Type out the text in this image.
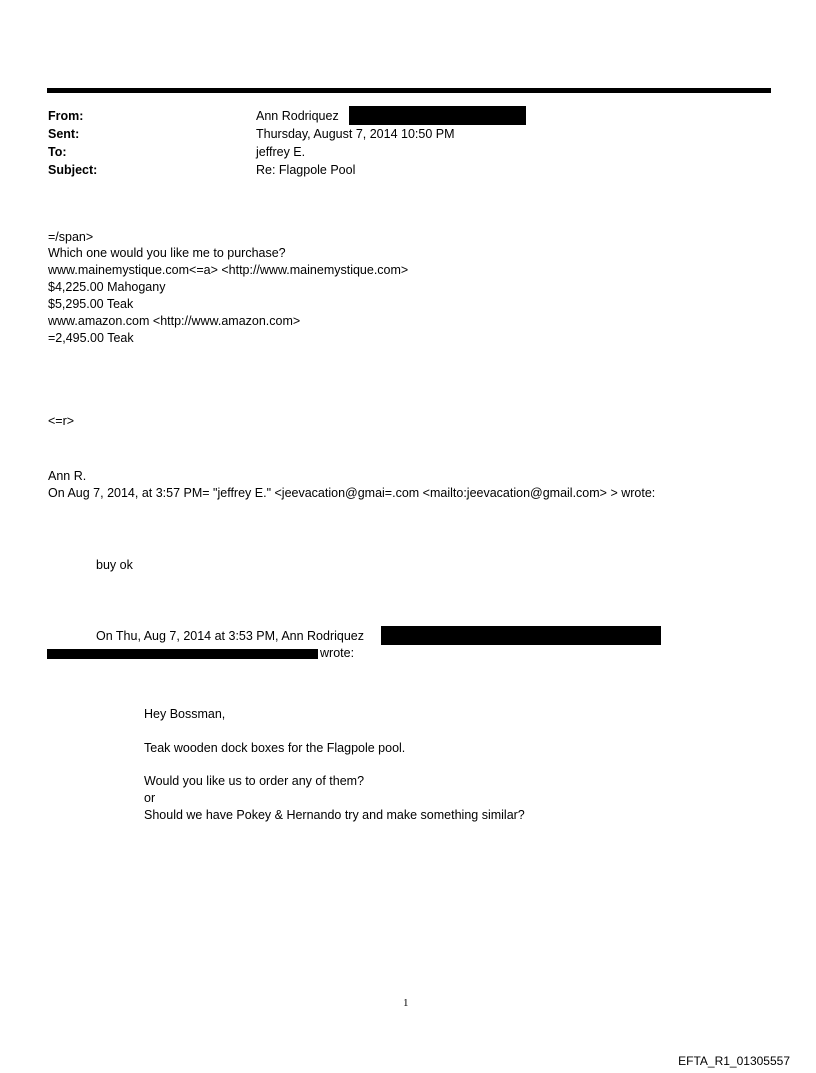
From:	Ann Rodriquez
Sent:	Thursday, August 7, 2014 10:50 PM
To:	jeffrey E.
Subject:	Re: Flagpole Pool
=/span>
Which one would you like me to purchase?
www.mainemystique.com<=a> <http://www.mainemystique.com>
$4,225.00 Mahogany
$5,295.00 Teak
www.amazon.com <http://www.amazon.com>
=2,495.00 Teak
<=r>
Ann R.
On Aug 7, 2014, at 3:57 PM= "jeffrey E." <jeevacation@gmai=.com <mailto:jeevacation@gmail.com> > wrote:
buy ok
On Thu, Aug 7, 2014 at 3:53 PM, Ann Rodriquez
wrote:
Hey Bossman,
Teak wooden dock boxes for the Flagpole pool.
Would you like us to order any of them?
or
Should we have Pokey & Hernando try and make something similar?
1
EFTA_R1_01305557
